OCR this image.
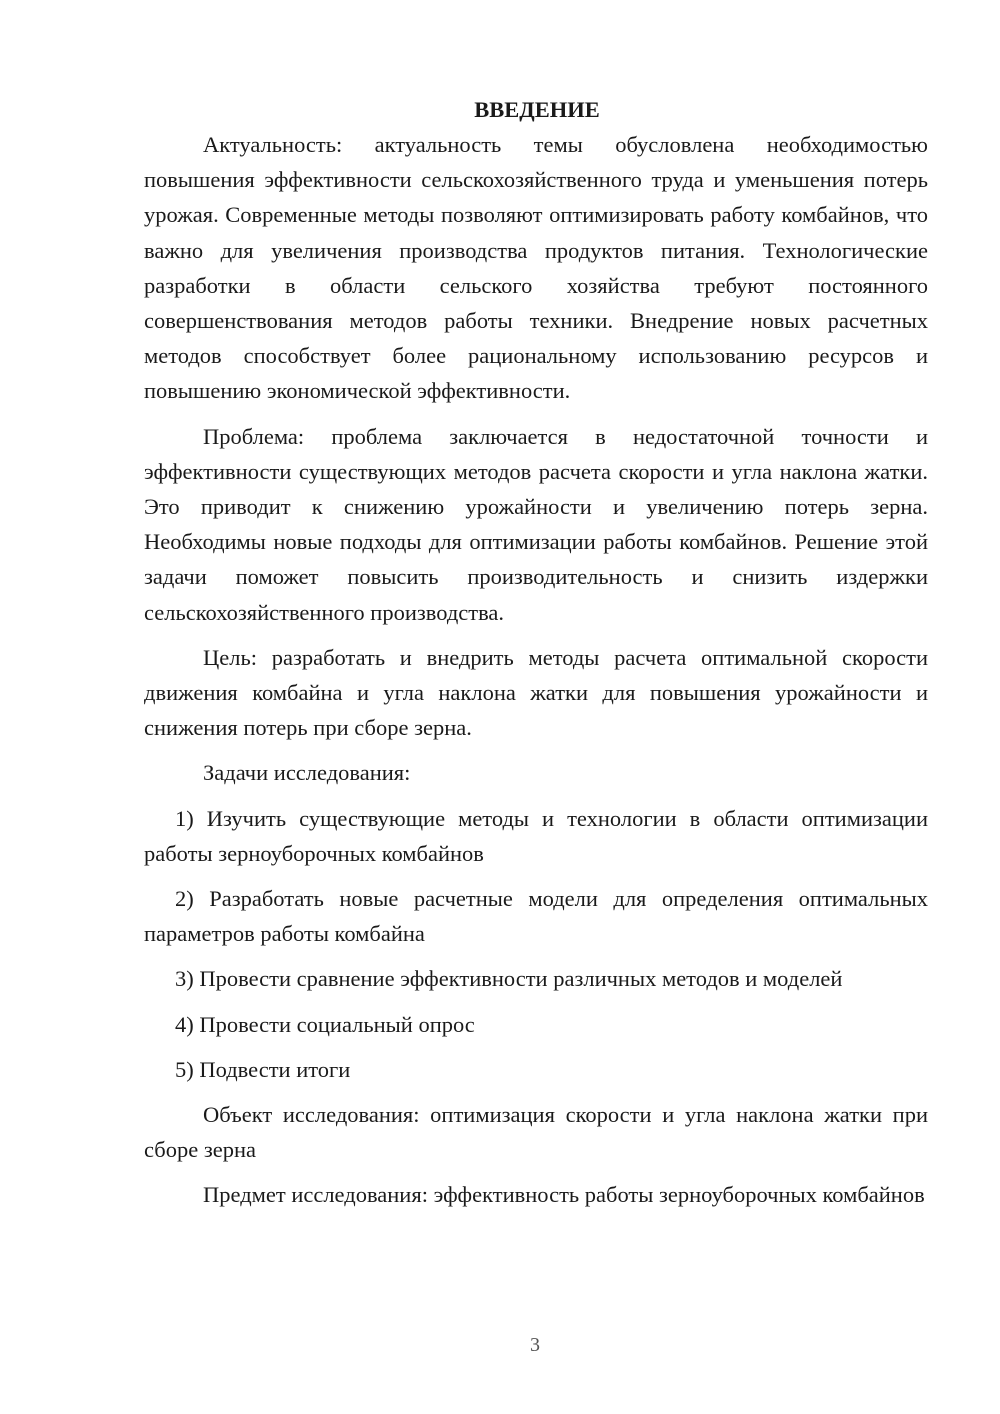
ВВЕДЕНИЕ

Актуальность: актуальность темы обусловлена необходимостью повышения эффективности сельскохозяйственного труда и уменьшения потерь урожая. Современные методы позволяют оптимизировать работу комбайнов, что важно для увеличения производства продуктов питания. Технологические разработки в области сельского хозяйства требуют постоянного совершенствования методов работы техники. Внедрение новых расчетных методов способствует более рациональному использованию ресурсов и повышению экономической эффективности.

Проблема: проблема заключается в недостаточной точности и эффективности существующих методов расчета скорости и угла наклона жатки. Это приводит к снижению урожайности и увеличению потерь зерна. Необходимы новые подходы для оптимизации работы комбайнов. Решение этой задачи поможет повысить производительность и снизить издержки сельскохозяйственного производства.

Цель: разработать и внедрить методы расчета оптимальной скорости движения комбайна и угла наклона жатки для повышения урожайности и снижения потерь при сборе зерна.

Задачи исследования:

1) Изучить существующие методы и технологии в области оптимизации работы зерноуборочных комбайнов

2) Разработать новые расчетные модели для определения оптимальных параметров работы комбайна

3) Провести сравнение эффективности различных методов и моделей

4) Провести социальный опрос

5) Подвести итоги

Объект исследования: оптимизация скорости и угла наклона жатки при сборе зерна

Предмет исследования: эффективность работы зерноуборочных комбайнов

3
